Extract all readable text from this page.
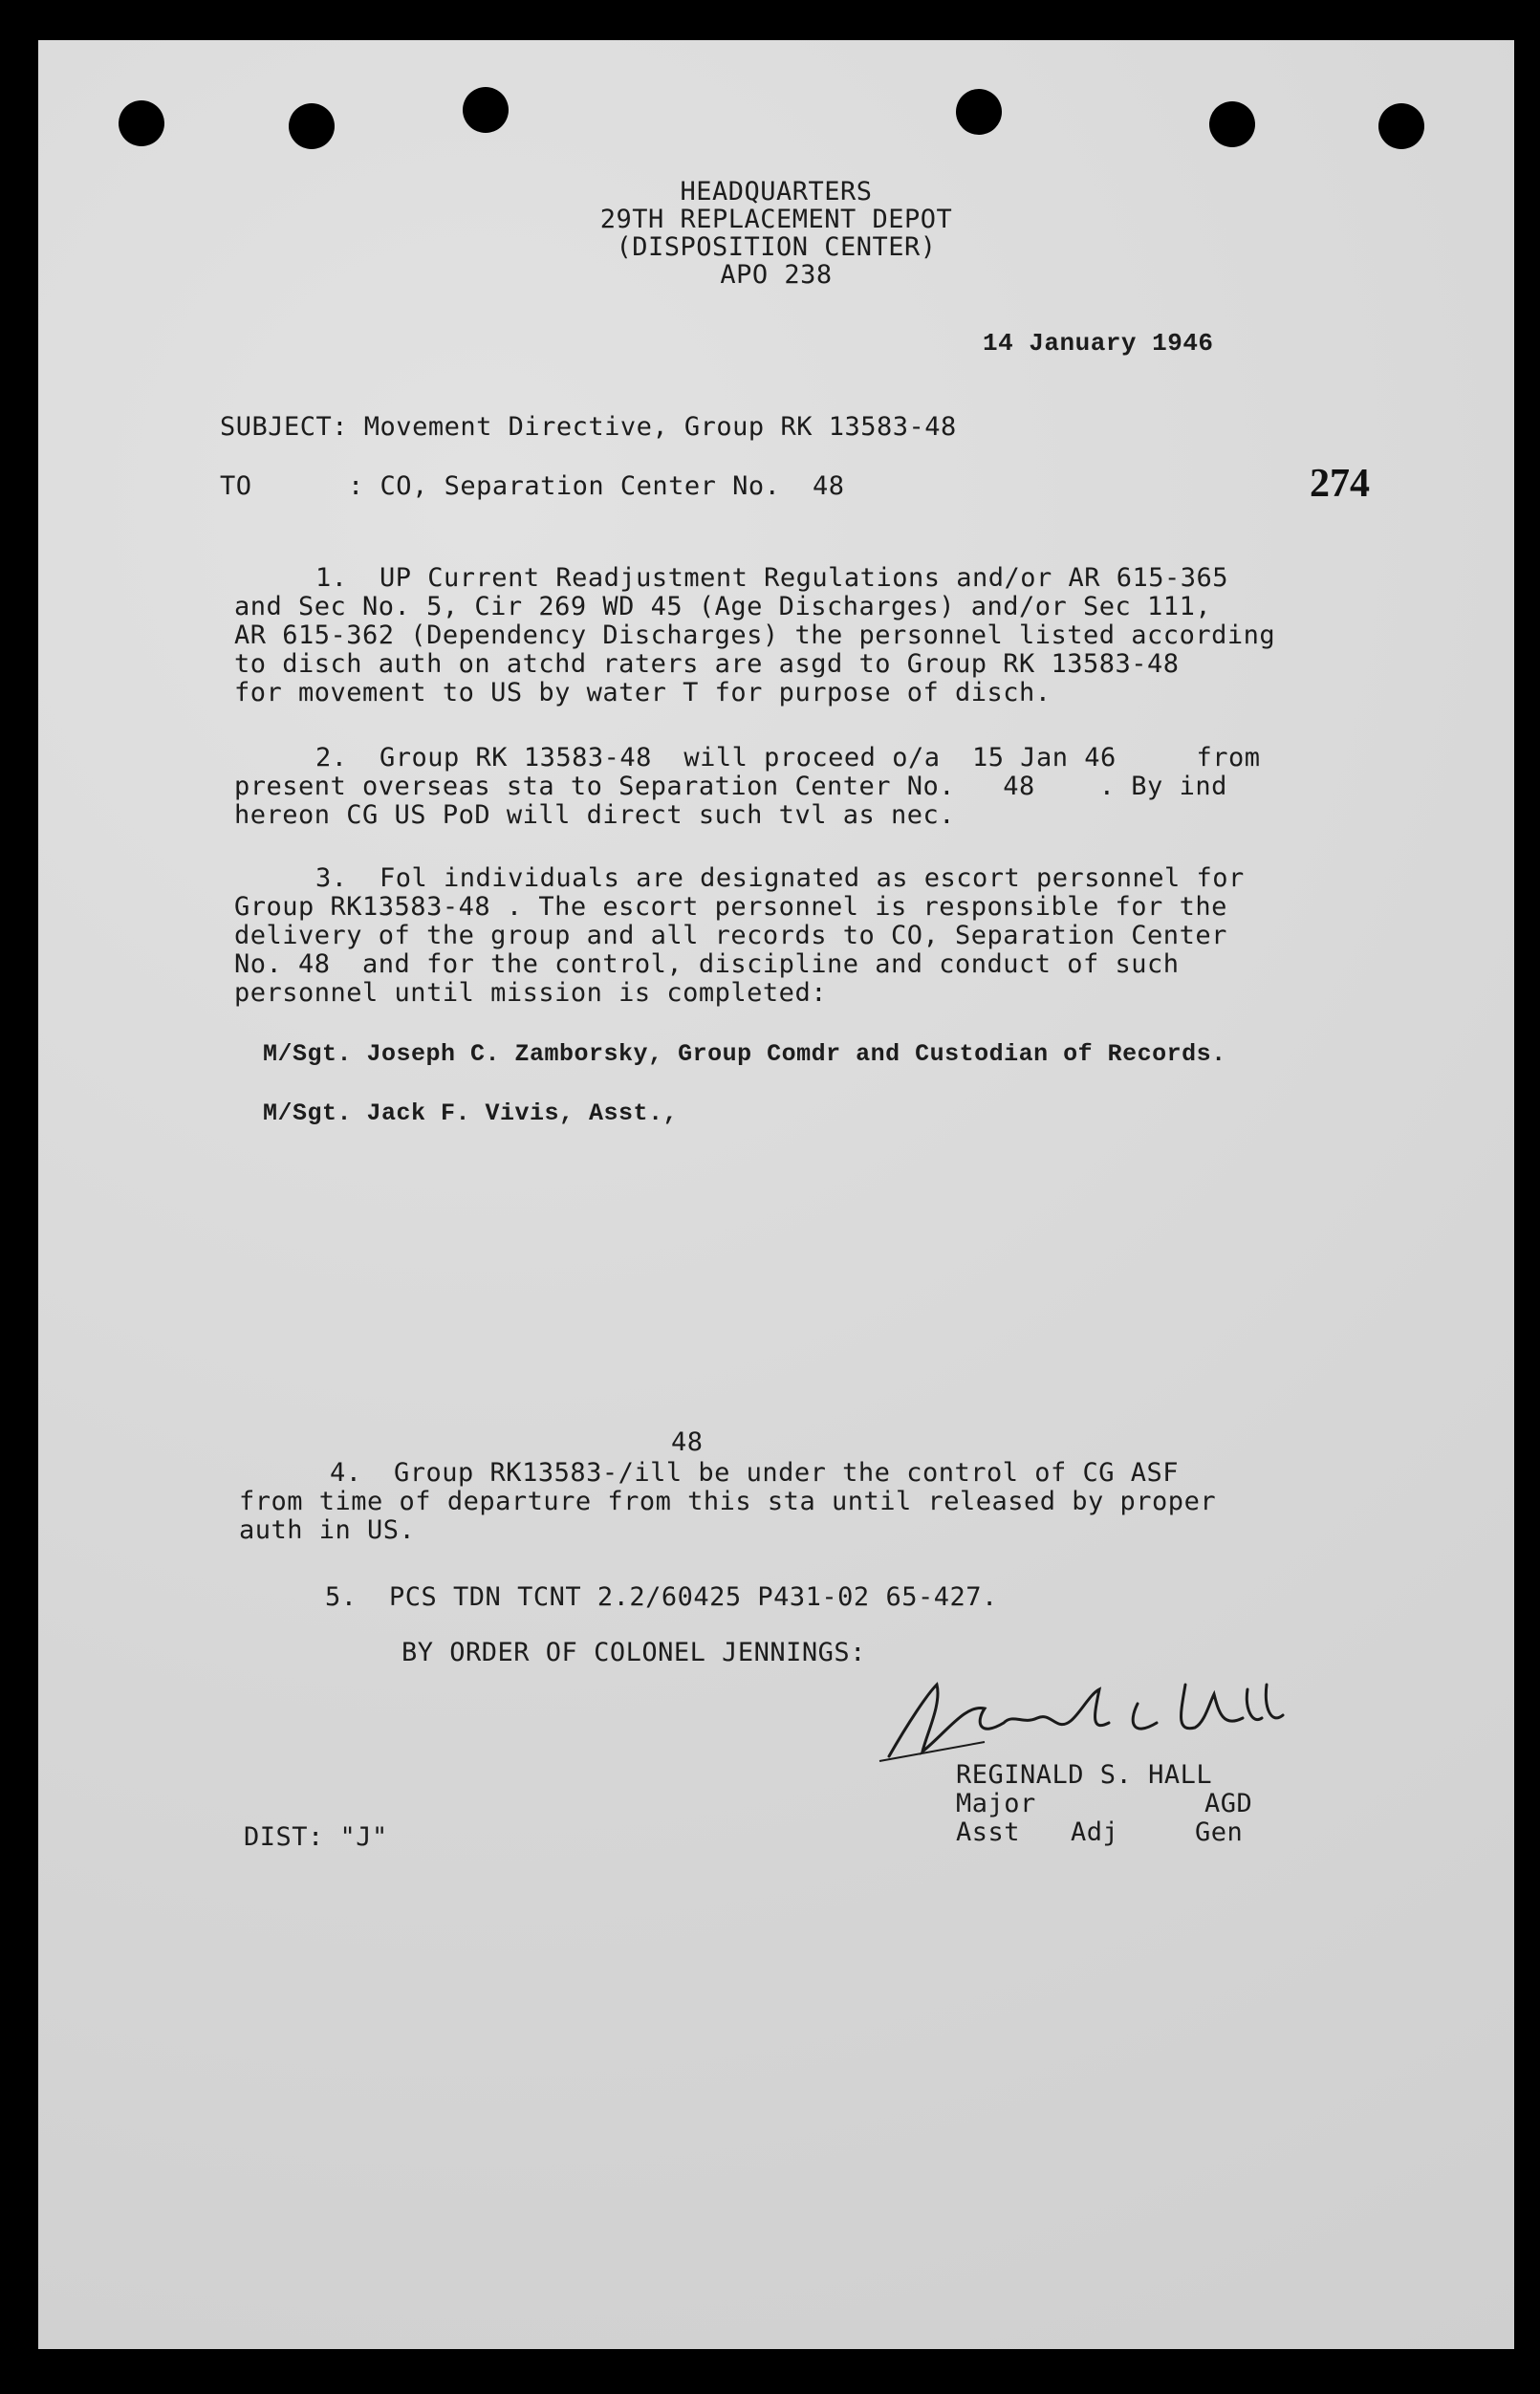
HEADQUARTERS
29TH REPLACEMENT DEPOT
(DISPOSITION CENTER)
APO 238
14 January 1946
SUBJECT: Movement Directive, Group RK 13583-48
TO      : CO, Separation Center No.  48	274
1.  UP Current Readjustment Regulations and/or AR 615-365
and Sec No. 5, Cir 269 WD 45 (Age Discharges) and/or Sec 111,
AR 615-362 (Dependency Discharges) the personnel listed according
to disch auth on atchd raters are asgd to Group RK 13583-48
for movement to US by water T for purpose of disch.
2.  Group RK 13583-48  will proceed o/a  15 Jan 46     from
present overseas sta to Separation Center No.   48    . By ind
hereon CG US PoD will direct such tvl as nec.
3.  Fol individuals are designated as escort personnel for
Group RK13583-48 . The escort personnel is responsible for the
delivery of the group and all records to CO, Separation Center
No. 48  and for the control, discipline and conduct of such
personnel until mission is completed:
M/Sgt. Joseph C. Zamborsky, Group Comdr and Custodian of Records.
M/Sgt. Jack F. Vivis, Asst.,
48
4.  Group RK13583-/ill be under the control of CG ASF
from time of departure from this sta until released by proper
auth in US.
5.  PCS TDN TCNT 2.2/60425 P431-02 65-427.
BY ORDER OF COLONEL JENNINGS:
REGINALD S. HALL
Major	AGD
Asst Adj	Gen
DIST: "J"
